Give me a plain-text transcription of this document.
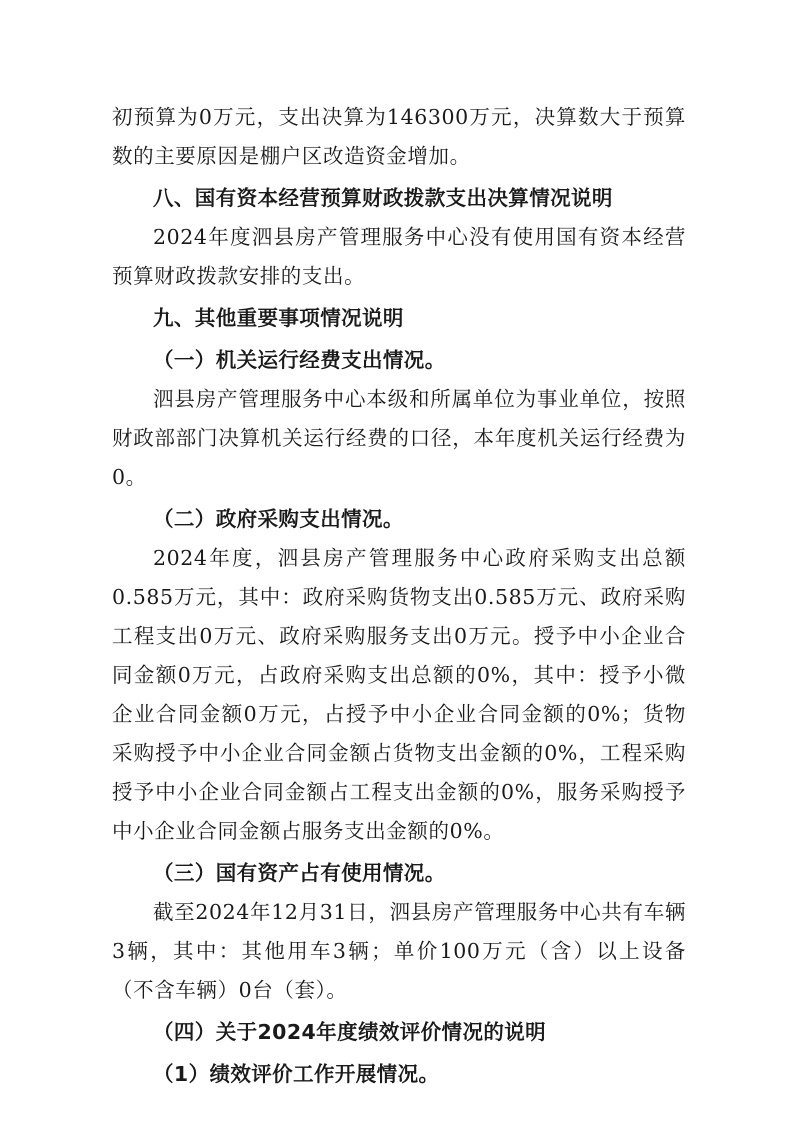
初预算为0万元，支出决算为146300万元，决算数大于预算数的主要原因是棚户区改造资金增加。

八、国有资本经营预算财政拨款支出决算情况说明

2024年度泗县房产管理服务中心没有使用国有资本经营预算财政拨款安排的支出。

九、其他重要事项情况说明

（一）机关运行经费支出情况。

泗县房产管理服务中心本级和所属单位为事业单位，按照财政部部门决算机关运行经费的口径，本年度机关运行经费为0。

（二）政府采购支出情况。

2024年度，泗县房产管理服务中心政府采购支出总额0.585万元，其中：政府采购货物支出0.585万元、政府采购工程支出0万元、政府采购服务支出0万元。授予中小企业合同金额0万元，占政府采购支出总额的0%，其中：授予小微企业合同金额0万元，占授予中小企业合同金额的0%；货物采购授予中小企业合同金额占货物支出金额的0%，工程采购授予中小企业合同金额占工程支出金额的0%，服务采购授予中小企业合同金额占服务支出金额的0%。

（三）国有资产占有使用情况。

截至2024年12月31日，泗县房产管理服务中心共有车辆3辆，其中：其他用车3辆；单价100万元（含）以上设备（不含车辆）0台（套）。

（四）关于2024年度绩效评价情况的说明

（1）绩效评价工作开展情况。
